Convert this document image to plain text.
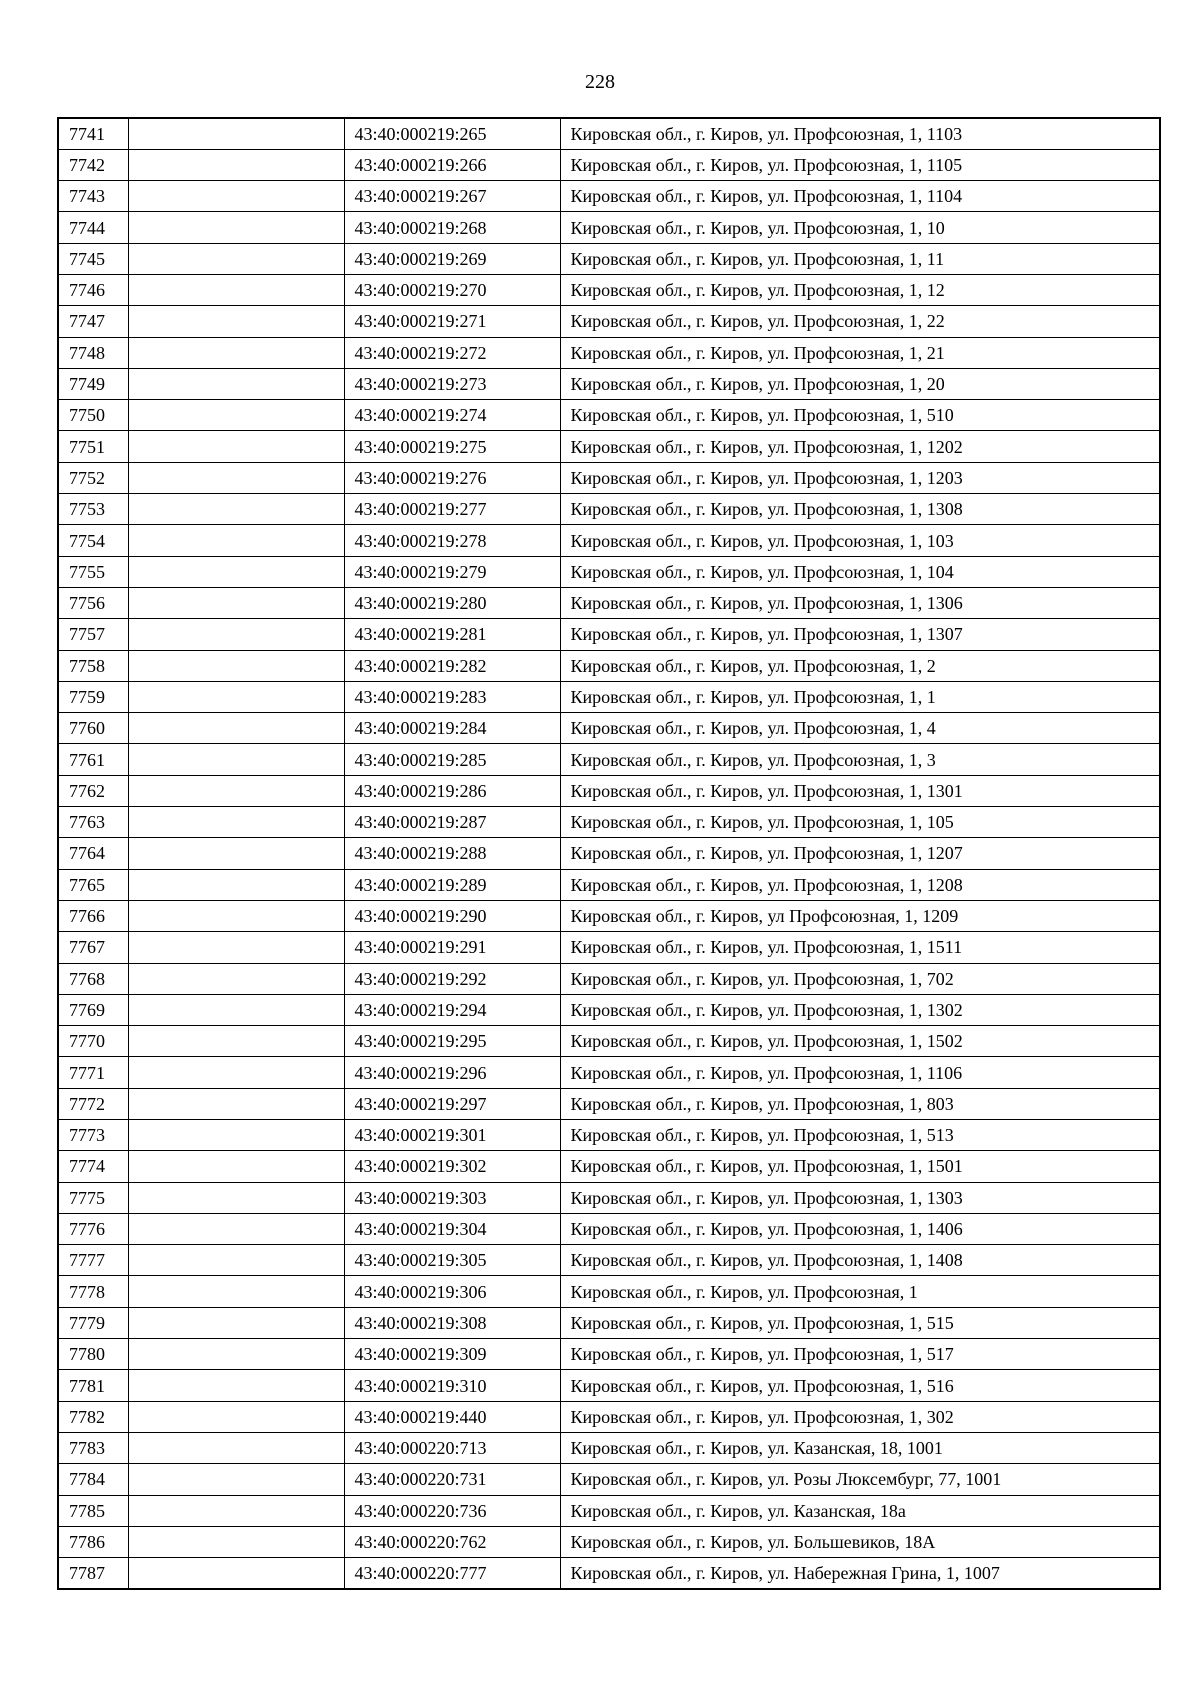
228
7741		43:40:000219:265	Кировская обл., г. Киров, ул. Профсоюзная, 1, 1103
7742		43:40:000219:266	Кировская обл., г. Киров, ул. Профсоюзная, 1, 1105
7743		43:40:000219:267	Кировская обл., г. Киров, ул. Профсоюзная, 1, 1104
7744		43:40:000219:268	Кировская обл., г. Киров, ул. Профсоюзная, 1, 10
7745		43:40:000219:269	Кировская обл., г. Киров, ул. Профсоюзная, 1, 11
7746		43:40:000219:270	Кировская обл., г. Киров, ул. Профсоюзная, 1, 12
7747		43:40:000219:271	Кировская обл., г. Киров, ул. Профсоюзная, 1, 22
7748		43:40:000219:272	Кировская обл., г. Киров, ул. Профсоюзная, 1, 21
7749		43:40:000219:273	Кировская обл., г. Киров, ул. Профсоюзная, 1, 20
7750		43:40:000219:274	Кировская обл., г. Киров, ул. Профсоюзная, 1, 510
7751		43:40:000219:275	Кировская обл., г. Киров, ул. Профсоюзная, 1, 1202
7752		43:40:000219:276	Кировская обл., г. Киров, ул. Профсоюзная, 1, 1203
7753		43:40:000219:277	Кировская обл., г. Киров, ул. Профсоюзная, 1, 1308
7754		43:40:000219:278	Кировская обл., г. Киров, ул. Профсоюзная, 1, 103
7755		43:40:000219:279	Кировская обл., г. Киров, ул. Профсоюзная, 1, 104
7756		43:40:000219:280	Кировская обл., г. Киров, ул. Профсоюзная, 1, 1306
7757		43:40:000219:281	Кировская обл., г. Киров, ул. Профсоюзная, 1, 1307
7758		43:40:000219:282	Кировская обл., г. Киров, ул. Профсоюзная, 1, 2
7759		43:40:000219:283	Кировская обл., г. Киров, ул. Профсоюзная, 1, 1
7760		43:40:000219:284	Кировская обл., г. Киров, ул. Профсоюзная, 1, 4
7761		43:40:000219:285	Кировская обл., г. Киров, ул. Профсоюзная, 1, 3
7762		43:40:000219:286	Кировская обл., г. Киров, ул. Профсоюзная, 1, 1301
7763		43:40:000219:287	Кировская обл., г. Киров, ул. Профсоюзная, 1, 105
7764		43:40:000219:288	Кировская обл., г. Киров, ул. Профсоюзная, 1, 1207
7765		43:40:000219:289	Кировская обл., г. Киров, ул. Профсоюзная, 1, 1208
7766		43:40:000219:290	Кировская обл., г. Киров, ул Профсоюзная, 1, 1209
7767		43:40:000219:291	Кировская обл., г. Киров, ул. Профсоюзная, 1, 1511
7768		43:40:000219:292	Кировская обл., г. Киров, ул. Профсоюзная, 1, 702
7769		43:40:000219:294	Кировская обл., г. Киров, ул. Профсоюзная, 1, 1302
7770		43:40:000219:295	Кировская обл., г. Киров, ул. Профсоюзная, 1, 1502
7771		43:40:000219:296	Кировская обл., г. Киров, ул. Профсоюзная, 1, 1106
7772		43:40:000219:297	Кировская обл., г. Киров, ул. Профсоюзная, 1, 803
7773		43:40:000219:301	Кировская обл., г. Киров, ул. Профсоюзная, 1, 513
7774		43:40:000219:302	Кировская обл., г. Киров, ул. Профсоюзная, 1, 1501
7775		43:40:000219:303	Кировская обл., г. Киров, ул. Профсоюзная, 1, 1303
7776		43:40:000219:304	Кировская обл., г. Киров, ул. Профсоюзная, 1, 1406
7777		43:40:000219:305	Кировская обл., г. Киров, ул. Профсоюзная, 1, 1408
7778		43:40:000219:306	Кировская обл., г. Киров, ул. Профсоюзная, 1
7779		43:40:000219:308	Кировская обл., г. Киров, ул. Профсоюзная, 1, 515
7780		43:40:000219:309	Кировская обл., г. Киров, ул. Профсоюзная, 1, 517
7781		43:40:000219:310	Кировская обл., г. Киров, ул. Профсоюзная, 1, 516
7782		43:40:000219:440	Кировская обл., г. Киров, ул. Профсоюзная, 1, 302
7783		43:40:000220:713	Кировская обл., г. Киров, ул. Казанская, 18, 1001
7784		43:40:000220:731	Кировская обл., г. Киров, ул. Розы Люксембург, 77, 1001
7785		43:40:000220:736	Кировская обл., г. Киров, ул. Казанская, 18а
7786		43:40:000220:762	Кировская обл., г. Киров, ул. Большевиков, 18А
7787		43:40:000220:777	Кировская обл., г. Киров, ул. Набережная Грина, 1, 1007
